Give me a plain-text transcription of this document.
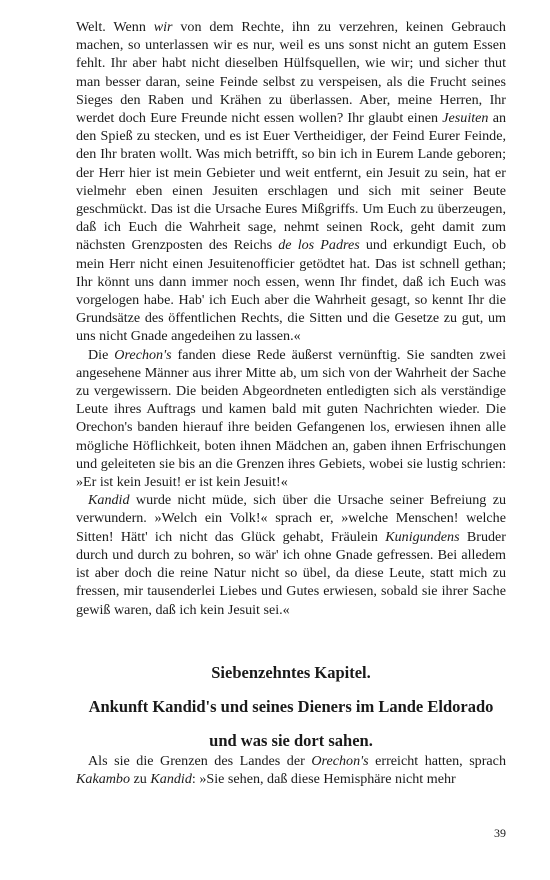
Welt. Wenn wir von dem Rechte, ihn zu verzehren, keinen Gebrauch machen, so unterlassen wir es nur, weil es uns sonst nicht an gutem Essen fehlt. Ihr aber habt nicht dieselben Hülfsquellen, wie wir; und sicher thut man besser daran, seine Feinde selbst zu verspeisen, als die Frucht seines Sieges den Raben und Krähen zu überlassen. Aber, meine Herren, Ihr werdet doch Eure Freunde nicht essen wollen? Ihr glaubt einen Jesuiten an den Spieß zu stecken, und es ist Euer Vertheidiger, der Feind Eurer Feinde, den Ihr braten wollt. Was mich betrifft, so bin ich in Eurem Lande geboren; der Herr hier ist mein Gebieter und weit entfernt, ein Jesuit zu sein, hat er vielmehr eben einen Jesuiten erschlagen und sich mit seiner Beute geschmückt. Das ist die Ursache Eures Mißgriffs. Um Euch zu überzeugen, daß ich Euch die Wahrheit sage, nehmt seinen Rock, geht damit zum nächsten Grenzposten des Reichs de los Padres und erkundigt Euch, ob mein Herr nicht einen Jesuitenofficier getödtet hat. Das ist schnell gethan; Ihr könnt uns dann immer noch essen, wenn Ihr findet, daß ich Euch was vorgelogen habe. Hab' ich Euch aber die Wahrheit gesagt, so kennt Ihr die Grundsätze des öffentlichen Rechts, die Sitten und die Gesetze zu gut, um uns nicht Gnade angedeihen zu lassen.«

Die Orechon's fanden diese Rede äußerst vernünftig. Sie sandten zwei angesehene Männer aus ihrer Mitte ab, um sich von der Wahrheit der Sache zu vergewissern. Die beiden Abgeordneten entledigten sich als verständige Leute ihres Auftrags und kamen bald mit guten Nachrichten wieder. Die Orechon's banden hierauf ihre beiden Gefangenen los, erwiesen ihnen alle mögliche Höflichkeit, boten ihnen Mädchen an, gaben ihnen Erfrischungen und geleiteten sie bis an die Grenzen ihres Gebiets, wobei sie lustig schrien: »Er ist kein Jesuit! er ist kein Jesuit!«

Kandid wurde nicht müde, sich über die Ursache seiner Befreiung zu verwundern. »Welch ein Volk!« sprach er, »welche Menschen! welche Sitten! Hätt' ich nicht das Glück gehabt, Fräulein Kunigundens Bruder durch und durch zu bohren, so wär' ich ohne Gnade gefressen. Bei alledem ist aber doch die reine Natur nicht so übel, da diese Leute, statt mich zu fressen, mir tausenderlei Liebes und Gutes erwiesen, sobald sie ihrer Sache gewiß waren, daß ich kein Jesuit sei.«

Siebenzehntes Kapitel.
Ankunft Kandid's und seines Dieners im Lande Eldorado
und was sie dort sahen.

Als sie die Grenzen des Landes der Orechon's erreicht hatten, sprach Kakambo zu Kandid: »Sie sehen, daß diese Hemisphäre nicht mehr

39
